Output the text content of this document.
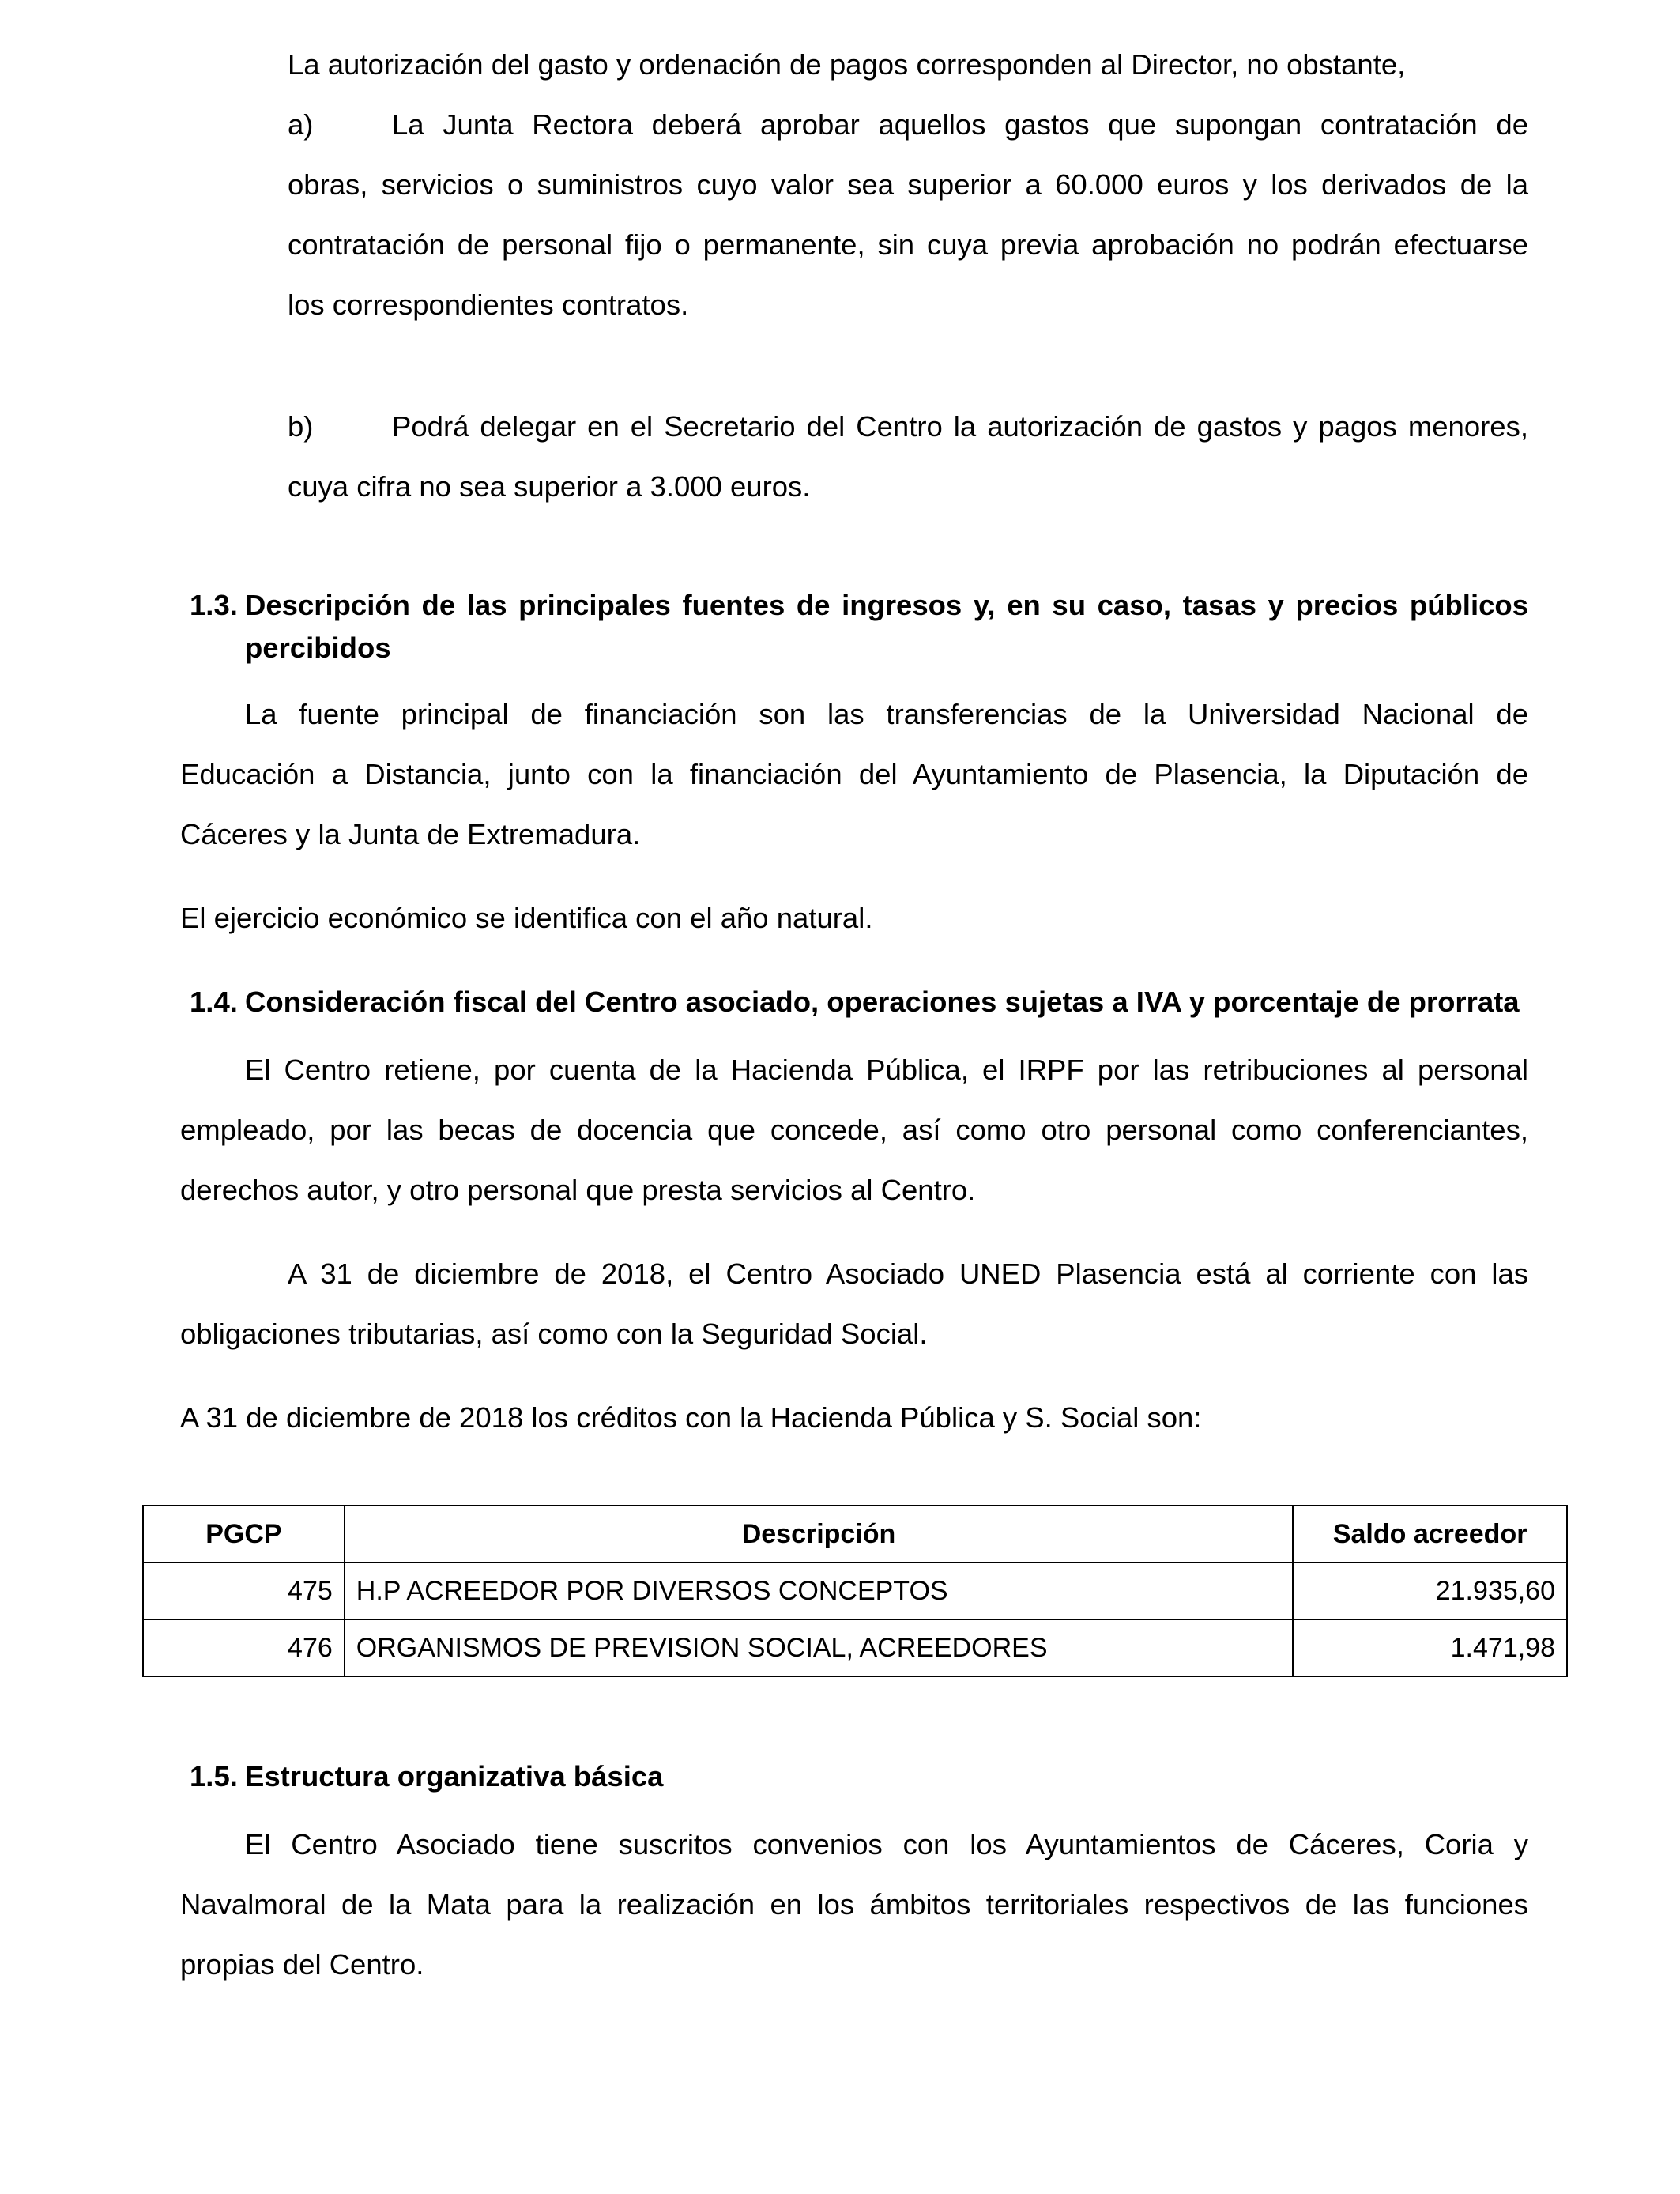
La autorización del gasto y ordenación de pagos corresponden al Director, no obstante,

a)	La Junta Rectora deberá aprobar aquellos gastos que supongan contratación de
obras, servicios o suministros cuyo valor sea superior a 60.000 euros y los derivados de la
contratación de personal fijo o permanente, sin cuya previa aprobación no podrán efectuarse

los correspondientes contratos.

b)	Podrá delegar en el Secretario del Centro la autorización de gastos y pagos menores,

cuya cifra no sea superior a 3.000 euros.

1.3. Descripción de las principales fuentes de ingresos y, en su caso, tasas y precios públicos

percibidos

La fuente principal de financiación son las transferencias de la Universidad Nacional de
Educación a Distancia, junto con la financiación del Ayuntamiento de Plasencia, la Diputación de

Cáceres y la Junta de Extremadura.

El ejercicio económico se identifica con el año natural.

1.4. Consideración fiscal del Centro asociado, operaciones sujetas a IVA y porcentaje de prorrata

El Centro retiene, por cuenta de la Hacienda Pública, el IRPF por las retribuciones al personal
empleado, por las becas de docencia que concede, así como otro personal como conferenciantes,

derechos autor, y otro personal que presta servicios al Centro.

A 31 de diciembre de 2018, el Centro Asociado UNED Plasencia está al corriente con las

obligaciones tributarias, así como con la Seguridad Social.

A 31 de diciembre de 2018 los créditos con la Hacienda Pública y S. Social son:

PGCP	Descripción	Saldo acreedor
475	H.P ACREEDOR POR DIVERSOS CONCEPTOS	21.935,60
476	ORGANISMOS DE PREVISION SOCIAL, ACREEDORES	1.471,98
1.5. Estructura organizativa básica

El Centro Asociado tiene suscritos convenios con los Ayuntamientos de Cáceres, Coria y
Navalmoral de la Mata para la realización en los ámbitos territoriales respectivos de las funciones

propias del Centro.
